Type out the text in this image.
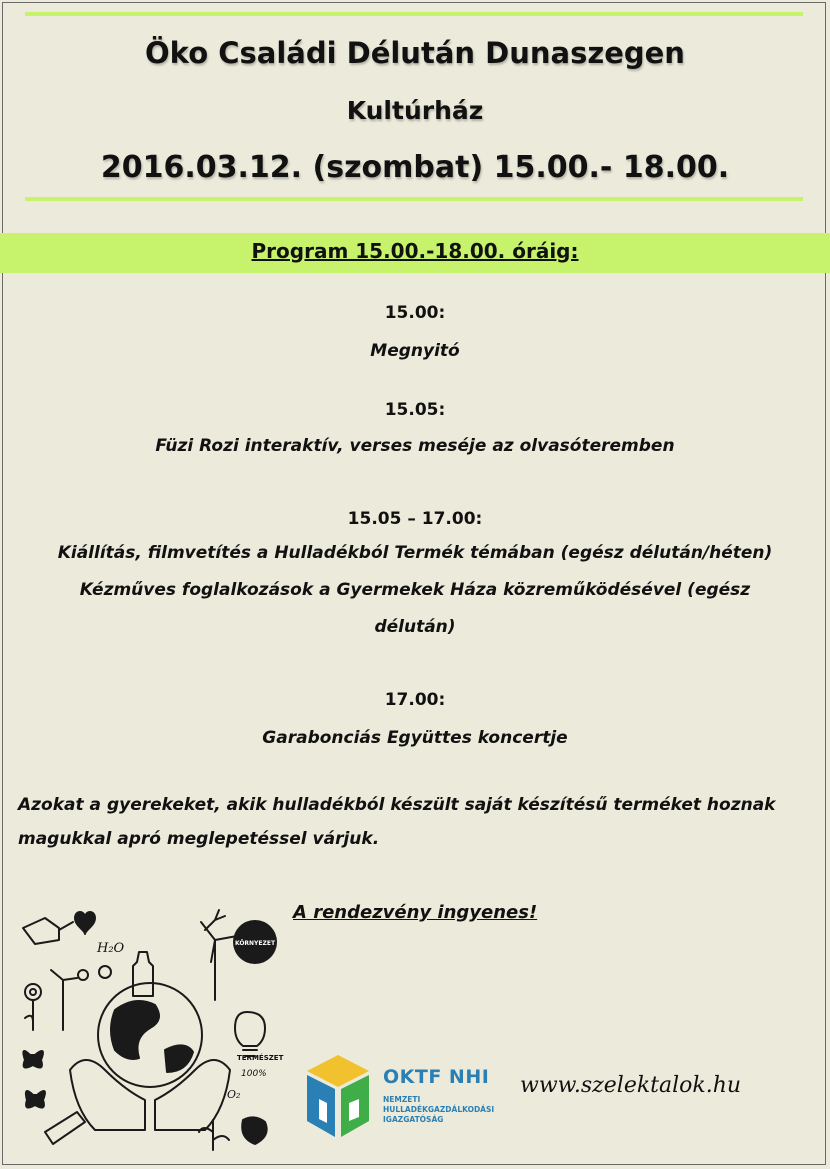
Öko Családi Délután Dunaszegen
Kultúrház
2016.03.12. (szombat) 15.00.- 18.00.
Program 15.00.-18.00. óráig:
15.00:
Megnyitó
15.05:
Füzi Rozi interaktív, verses meséje az olvasóteremben
15.05 – 17.00:
Kiállítás, filmvetítés a Hulladékból Termék témában (egész délután/héten)
Kézműves foglalkozások a Gyermekek Háza közreműködésével (egész
délután)
17.00:
Garabonciás Együttes koncertje
Azokat a gyerekeket, akik hulladékból készült saját készítésű terméket hoznak
magukkal apró meglepetéssel várjuk.
A rendezvény ingyenes!
KÖRNYEZET
H₂O
TERMÉSZET
100%
O₂
OKTF NHI
NEMZETI
HULLADÉKGAZDÁLKODÁSI
IGAZGATÓSÁG
www.szelektalok.hu
